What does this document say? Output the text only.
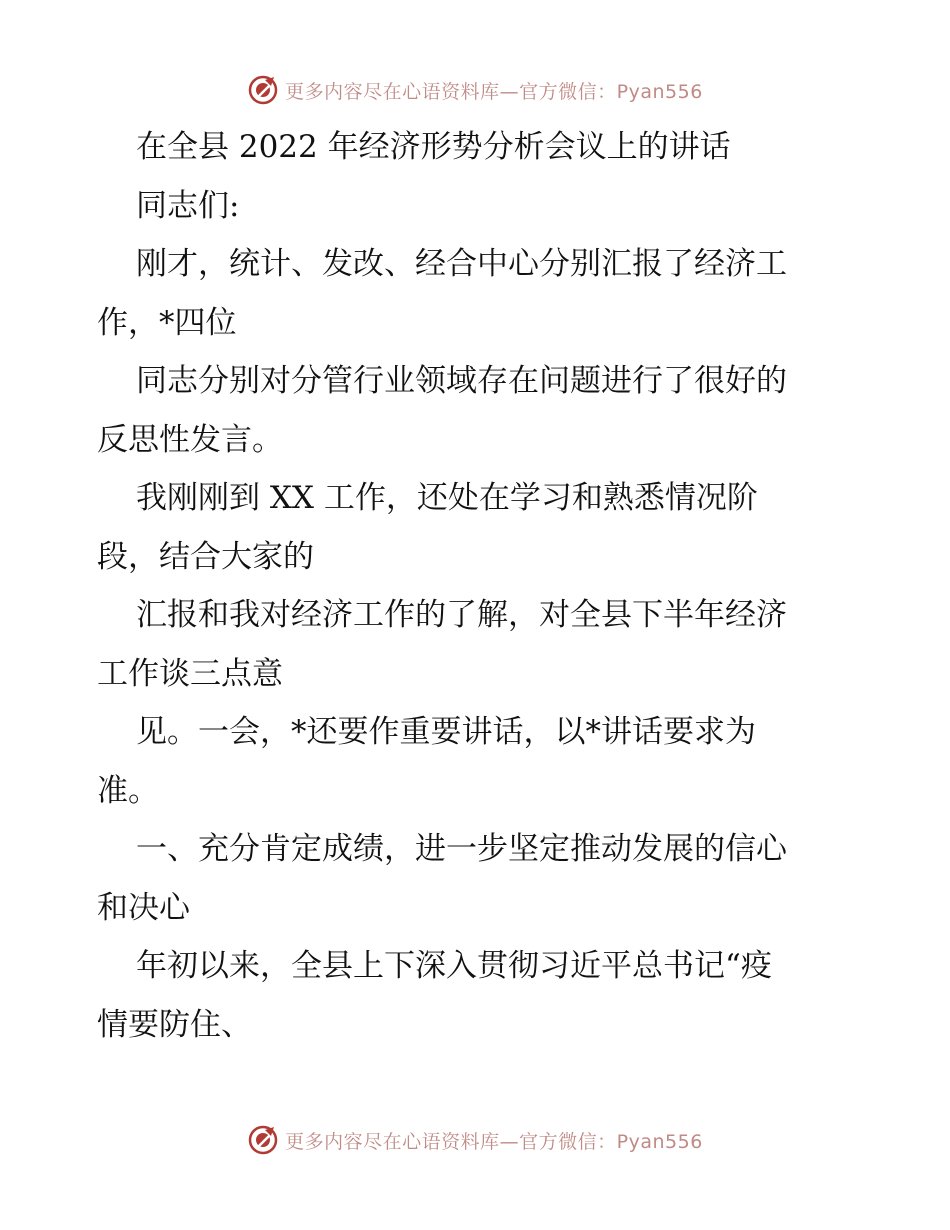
更多内容尽在心语资料库—官方微信：Pyan556
在全县 2022 年经济形势分析会议上的讲话
同志们:
刚才，统计、发改、经合中心分别汇报了经济工
作，*四位
同志分别对分管行业领域存在问题进行了很好的
反思性发言。
我刚刚到 XX 工作，还处在学习和熟悉情况阶
段，结合大家的
汇报和我对经济工作的了解，对全县下半年经济
工作谈三点意
见。一会，*还要作重要讲话，以*讲话要求为
准。
一、充分肯定成绩，进一步坚定推动发展的信心
和决心
年初以来，全县上下深入贯彻习近平总书记“疫
情要防住、
更多内容尽在心语资料库—官方微信：Pyan556
